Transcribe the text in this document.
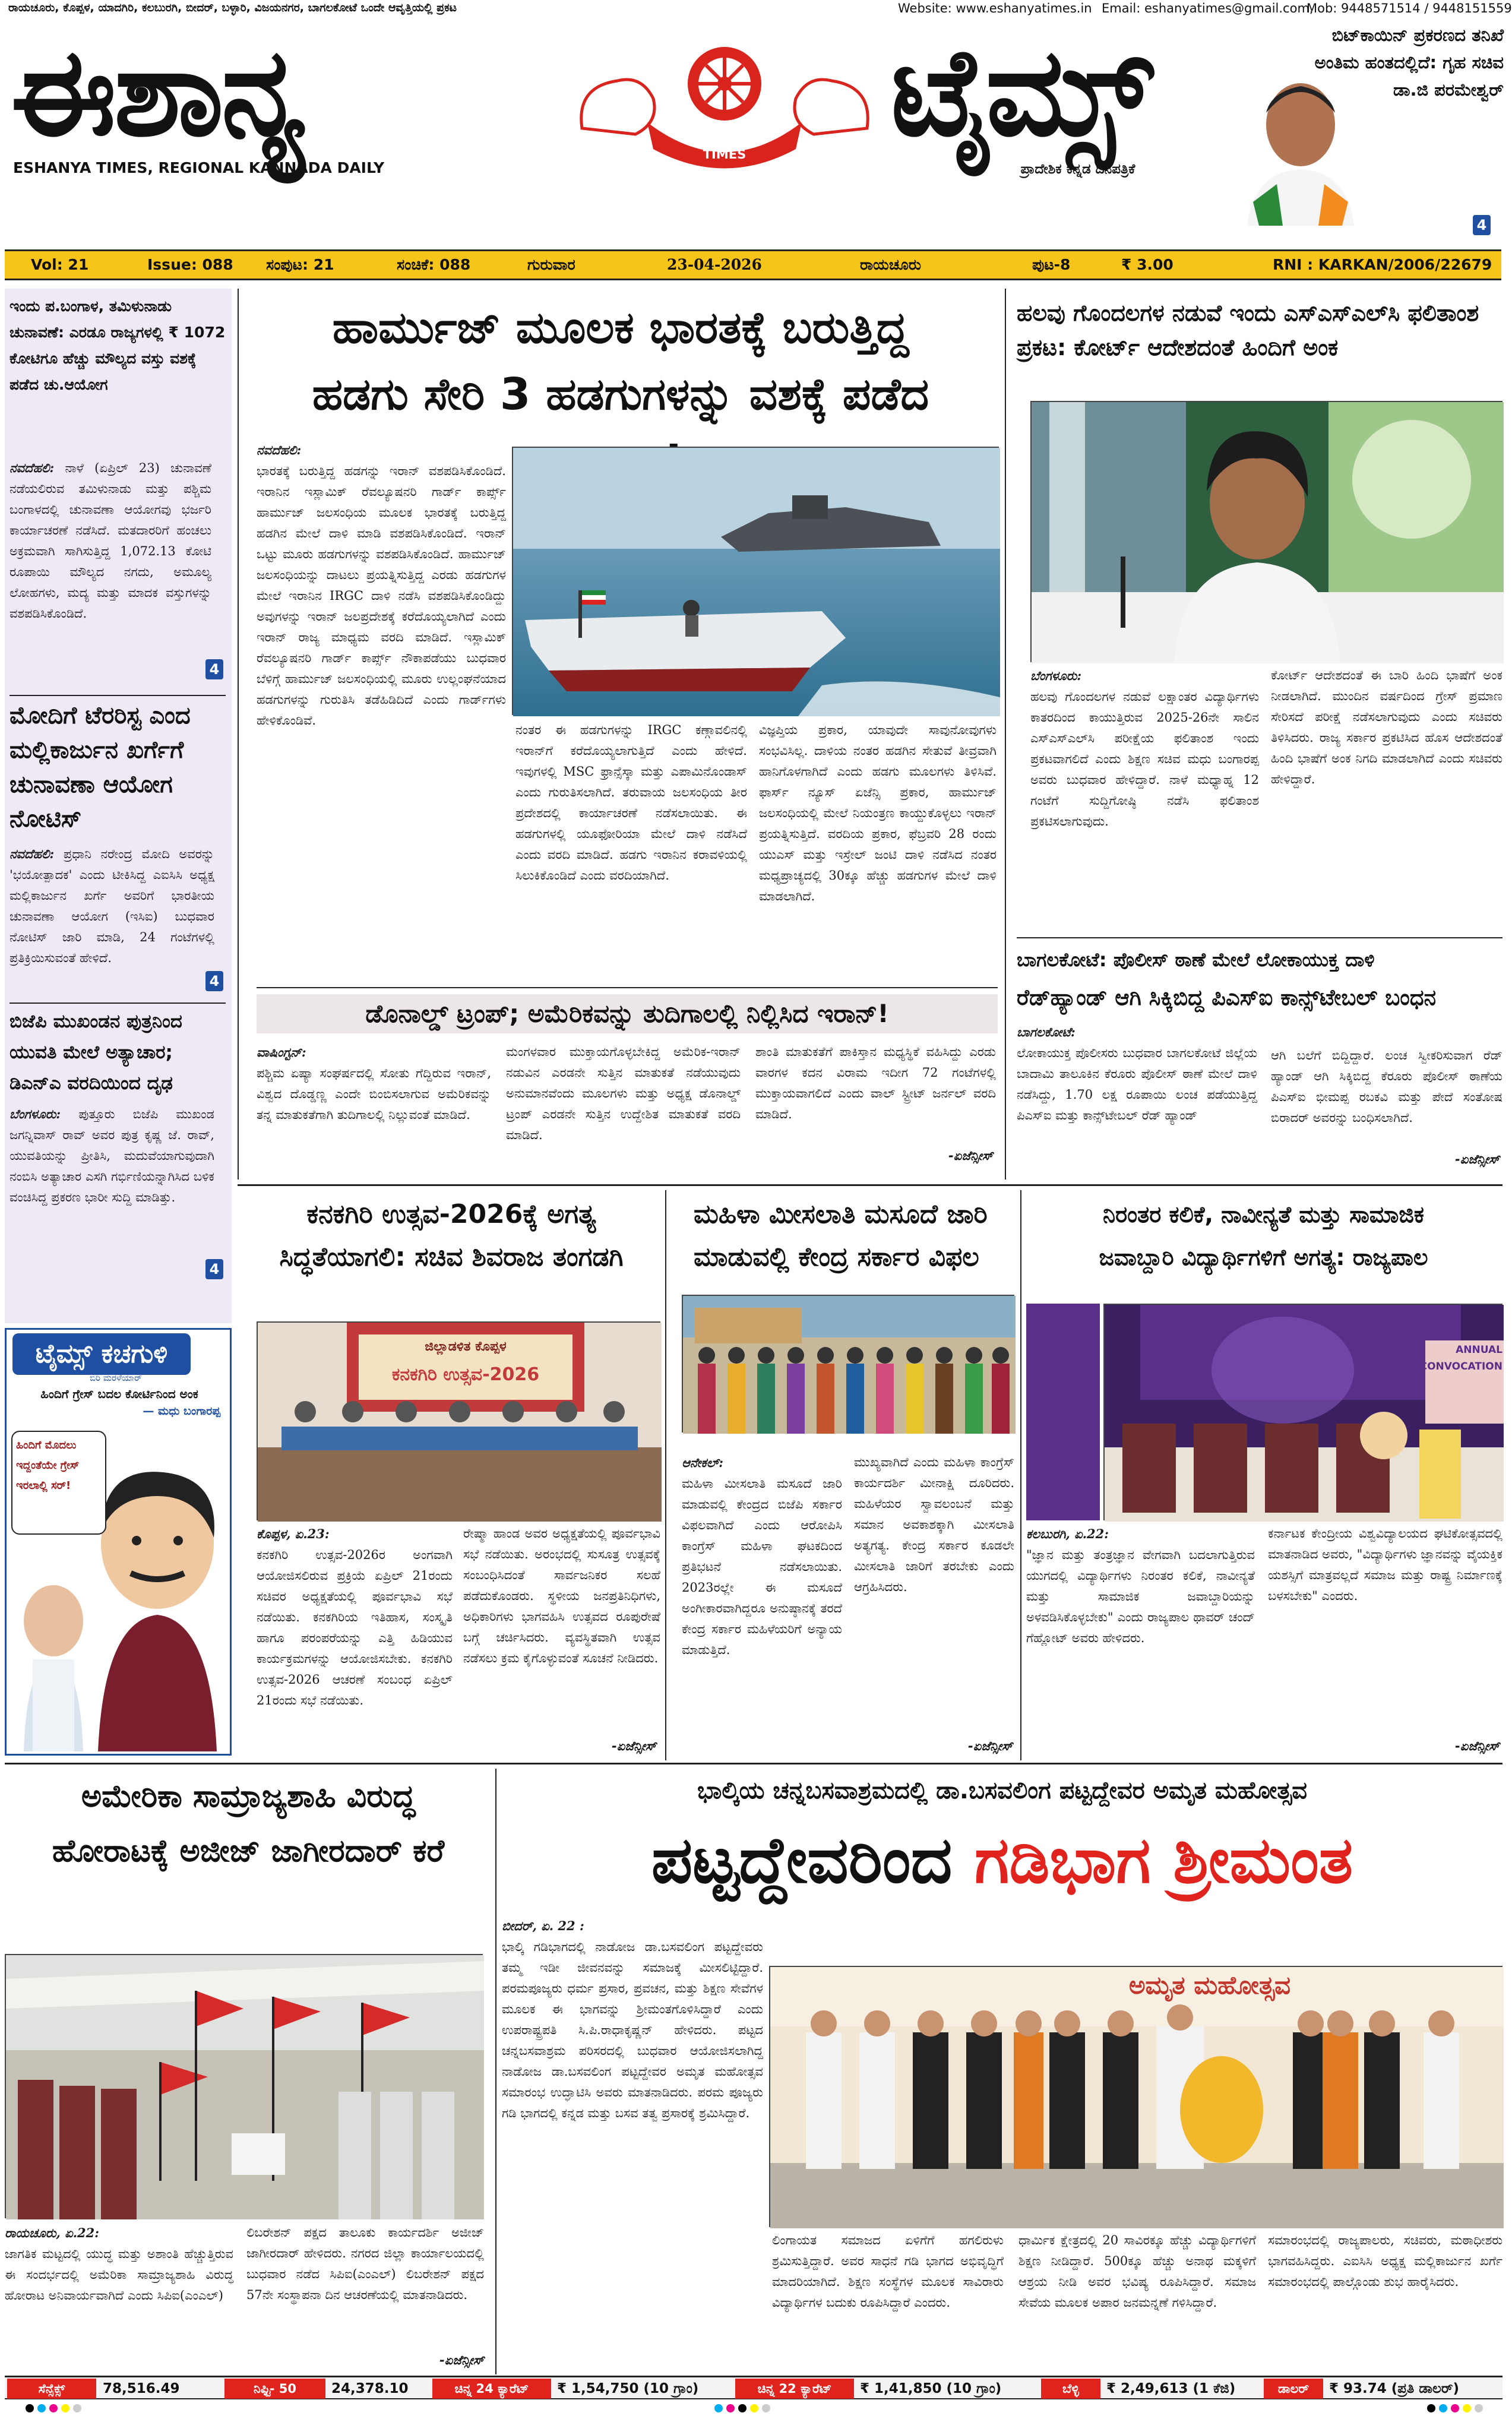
ರಾಯಚೂರು, ಕೊಪ್ಪಳ, ಯಾದಗಿರಿ, ಕಲಬುರಗಿ, ಬೀದರ್, ಬಳ್ಳಾರಿ, ವಿಜಯನಗರ, ಬಾಗಲಕೋಟೆ ಒಂದೇ ಆವೃತ್ತಿಯಲ್ಲಿ ಪ್ರಕಟ	Website: www.eshanyatimes.in Email: eshanyatimes@gmail.com,
Mob: 9448571514 / 9448151559
ಈಶಾನ್ಯ
ESHANYA TIMES, REGIONAL KANNADA DAILY
ESHANYA TIMES ಟೈಮ್ಸ್
ಪ್ರಾದೇಶಿಕ ಕನ್ನಡ ದಿನಪತ್ರಿಕೆ
ಬಿಟ್‌ಕಾಯಿನ್ ಪ್ರಕರಣದ ತನಿಖೆ ಅಂತಿಮ ಹಂತದಲ್ಲಿದೆ: ಗೃಹ ಸಚಿವ ಡಾ.ಜಿ ಪರಮೇಶ್ವರ್
4
Vol: 21	Issue: 088	ಸಂಪುಟ: 21	ಸಂಚಿಕೆ: 088	ಗುರುವಾರ	23-04-2026	ರಾಯಚೂರು	ಪುಟ-8	₹ 3.00	RNI : KARKAN/2006/22679
ಇಂದು ಪ.ಬಂಗಾಳ, ತಮಿಳುನಾಡು ಚುನಾವಣೆ: ಎರಡೂ ರಾಜ್ಯಗಳಲ್ಲಿ ₹ 1072 ಕೋಟಿಗೂ ಹೆಚ್ಚು ಮೌಲ್ಯದ ವಸ್ತು ವಶಕ್ಕೆ ಪಡೆದ ಚು.ಆಯೋಗ
ನವದೆಹಲಿ: ನಾಳೆ (ಏಪ್ರಿಲ್ 23) ಚುನಾವಣೆ ನಡೆಯಲಿರುವ ತಮಿಳುನಾಡು ಮತ್ತು ಪಶ್ಚಿಮ ಬಂಗಾಳದಲ್ಲಿ ಚುನಾವಣಾ ಆಯೋಗವು ಭರ್ಜರಿ ಕಾರ್ಯಾಚರಣೆ ನಡೆಸಿದೆ. ಮತದಾರರಿಗೆ ಹಂಚಲು ಅಕ್ರಮವಾಗಿ ಸಾಗಿಸುತ್ತಿದ್ದ 1,072.13 ಕೋಟಿ ರೂಪಾಯಿ ಮೌಲ್ಯದ ನಗದು, ಅಮೂಲ್ಯ ಲೋಹಗಳು, ಮದ್ಯ ಮತ್ತು ಮಾದಕ ವಸ್ತುಗಳನ್ನು ವಶಪಡಿಸಿಕೊಂಡಿದೆ.
4
ಮೋದಿಗೆ ಟೆರರಿಸ್ಟ ಎಂದ ಮಲ್ಲಿಕಾರ್ಜುನ ಖರ್ಗೆಗೆ ಚುನಾವಣಾ ಆಯೋಗ ನೋಟಿಸ್
ನವದೆಹಲಿ: ಪ್ರಧಾನಿ ನರೇಂದ್ರ ಮೋದಿ ಅವರನ್ನು 'ಭಯೋತ್ಪಾದಕ' ಎಂದು ಟೀಕಿಸಿದ್ದ ಎಐಸಿಸಿ ಅಧ್ಯಕ್ಷ ಮಲ್ಲಿಕಾರ್ಜುನ ಖರ್ಗೆ ಅವರಿಗೆ ಭಾರತೀಯ ಚುನಾವಣಾ ಆಯೋಗ (ಇಸಿಐ) ಬುಧವಾರ ನೋಟಿಸ್ ಜಾರಿ ಮಾಡಿ, 24 ಗಂಟೆಗಳಲ್ಲಿ ಪ್ರತಿಕ್ರಿಯಿಸುವಂತೆ ಹೇಳಿದೆ.
4
ಬಿಜೆಪಿ ಮುಖಂಡನ ಪುತ್ರನಿಂದ ಯುವತಿ ಮೇಲೆ ಅತ್ಯಾಚಾರ; ಡಿಎನ್‌ಎ ವರದಿಯಿಂದ ದೃಢ
ಬೆಂಗಳೂರು: ಪುತ್ತೂರು ಬಿಜೆಪಿ ಮುಖಂಡ ಜಗನ್ನಿವಾಸ್ ರಾವ್ ಅವರ ಪುತ್ರ ಕೃಷ್ಣ ಜೆ. ರಾವ್, ಯುವತಿಯನ್ನು ಪ್ರೀತಿಸಿ, ಮದುವೆಯಾಗುವುದಾಗಿ ನಂಬಿಸಿ ಅತ್ಯಾಚಾರ ಎಸಗಿ ಗರ್ಭಿಣಿಯನ್ನಾಗಿಸಿದ ಬಳಿಕ ವಂಚಿಸಿದ್ದ ಪ್ರಕರಣ ಭಾರೀ ಸುದ್ದಿ ಮಾಡಿತ್ತು.
4
ಟೈಮ್ಸ್ ಕಚಗುಳಿ
ಬಿರಿ ಮರಳೆಯಾರ್
ಹಿಂದಿಗೆ ಗ್ರೇಸ್ ಬದಲ ಕೋರ್ಟಿನಿಂದ ಅಂಕ
— ಮಧು ಬಂಗಾರಪ್ಪ
ಹಿಂದಿಗೆ ಮೊದಲು ಇದ್ದಂತೆಯೇ ಗ್ರೇಸ್ ಇರಲಾಲ್ಲಿ ಸರ್!
ಹಾರ್ಮುಜ್ ಮೂಲಕ ಭಾರತಕ್ಕೆ ಬರುತ್ತಿದ್ದ
ಹಡಗು ಸೇರಿ 3 ಹಡಗುಗಳನ್ನು ವಶಕ್ಕೆ ಪಡೆದ
ನವದೆಹಲಿ:
ಭಾರತಕ್ಕೆ ಬರುತ್ತಿದ್ದ ಹಡಗನ್ನು ಇರಾನ್ ವಶಪಡಿಸಿಕೊಂಡಿದೆ. ಇರಾನಿನ ಇಸ್ಲಾಮಿಕ್ ರೆವಲ್ಯೂಷನರಿ ಗಾರ್ಡ್ ಕಾರ್ಪ್ಸ್ ಹಾರ್ಮುಜ್ ಜಲಸಂಧಿಯ ಮೂಲಕ ಭಾರತಕ್ಕೆ ಬರುತ್ತಿದ್ದ ಹಡಗಿನ ಮೇಲೆ ದಾಳಿ ಮಾಡಿ ವಶಪಡಿಸಿಕೊಂಡಿದೆ. ಇರಾನ್ ಒಟ್ಟು ಮೂರು ಹಡಗುಗಳನ್ನು ವಶಪಡಿಸಿಕೊಂಡಿದೆ. ಹಾರ್ಮುಜ್ ಜಲಸಂಧಿಯನ್ನು ದಾಟಲು ಪ್ರಯತ್ನಿಸುತ್ತಿದ್ದ ಎರಡು ಹಡಗುಗಳ ಮೇಲೆ ಇರಾನಿನ IRGC ದಾಳಿ ನಡೆಸಿ ವಶಪಡಿಸಿಕೊಂಡಿದ್ದು ಅವುಗಳನ್ನು ಇರಾನ್ ಜಲಪ್ರದೇಶಕ್ಕೆ ಕರೆದೊಯ್ಯಲಾಗಿದೆ ಎಂದು ಇರಾನ್ ರಾಜ್ಯ ಮಾಧ್ಯಮ ವರದಿ ಮಾಡಿದೆ. ಇಸ್ಲಾಮಿಕ್ ರೆವಲ್ಯೂಷನರಿ ಗಾರ್ಡ್ ಕಾರ್ಪ್ಸ್ ನೌಕಾಪಡೆಯು ಬುಧವಾರ ಬೆಳಿಗ್ಗೆ ಹಾರ್ಮುಜ್ ಜಲಸಂಧಿಯಲ್ಲಿ ಮೂರು ಉಲ್ಲಂಘನೆಯಾದ ಹಡಗುಗಳನ್ನು ಗುರುತಿಸಿ ತಡೆಹಿಡಿದಿದೆ ಎಂದು ಗಾರ್ಡ್‌ಗಳು ಹೇಳಿಕೊಂಡಿವೆ.
ನಂತರ ಈ ಹಡಗುಗಳನ್ನು IRGC ಕಣ್ಗಾವಲಿನಲ್ಲಿ ಇರಾನ್‌ಗೆ ಕರೆದೊಯ್ಯಲಾಗುತ್ತಿದೆ ಎಂದು ಹೇಳಿದೆ. ಇವುಗಳಲ್ಲಿ MSC ಫ್ರಾನ್ಸೆಸ್ಕಾ ಮತ್ತು ಎಪಾಮಿನೊಂಡಾಸ್ ಎಂದು ಗುರುತಿಸಲಾಗಿದೆ. ತರುವಾಯ ಜಲಸಂಧಿಯ ತೀರ ಪ್ರದೇಶದಲ್ಲಿ ಕಾರ್ಯಾಚರಣೆ ನಡೆಸಲಾಯಿತು. ಈ ಹಡಗುಗಳಲ್ಲಿ ಯೂಫೋರಿಯಾ ಮೇಲೆ ದಾಳಿ ನಡೆಸಿದೆ ಎಂದು ವರದಿ ಮಾಡಿದೆ. ಹಡಗು ಇರಾನಿನ ಕರಾವಳಿಯಲ್ಲಿ ಸಿಲುಕಿಕೊಂಡಿದೆ ಎಂದು ವರದಿಯಾಗಿದೆ.
ವಿಜ್ಞಪ್ತಿಯ ಪ್ರಕಾರ, ಯಾವುದೇ ಸಾವುನೋವುಗಳು ಸಂಭವಿಸಿಲ್ಲ. ದಾಳಿಯ ನಂತರ ಹಡಗಿನ ಸೇತುವೆ ತೀವ್ರವಾಗಿ ಹಾನಿಗೊಳಗಾಗಿದೆ ಎಂದು ಹಡಗು ಮೂಲಗಳು ತಿಳಿಸಿವೆ. ಫಾರ್ಸ್ ನ್ಯೂಸ್ ಏಜೆನ್ಸಿ ಪ್ರಕಾರ, ಹಾರ್ಮುಜ್ ಜಲಸಂಧಿಯಲ್ಲಿ ಮೇಲೆ ನಿಯಂತ್ರಣ ಕಾಯ್ದುಕೊಳ್ಳಲು ಇರಾನ್ ಪ್ರಯತ್ನಿಸುತ್ತಿದೆ. ವರದಿಯ ಪ್ರಕಾರ, ಫೆಬ್ರವರಿ 28 ರಂದು ಯುಎಸ್ ಮತ್ತು ಇಸ್ರೇಲ್ ಜಂಟಿ ದಾಳಿ ನಡೆಸಿದ ನಂತರ ಮಧ್ಯಪ್ರಾಚ್ಯದಲ್ಲಿ 30ಕ್ಕೂ ಹೆಚ್ಚು ಹಡಗುಗಳ ಮೇಲೆ ದಾಳಿ ಮಾಡಲಾಗಿದೆ.
ಡೊನಾಲ್ಡ್ ಟ್ರಂಪ್; ಅಮೆರಿಕವನ್ನು ತುದಿಗಾಲಲ್ಲಿ ನಿಲ್ಲಿಸಿದ ಇರಾನ್!
ವಾಷಿಂಗ್ಟನ್:
ಪಶ್ಚಿಮ ಏಷ್ಯಾ ಸಂಘರ್ಷದಲ್ಲಿ ಸೋತು ಗೆದ್ದಿರುವ ಇರಾನ್, ವಿಶ್ವದ ದೊಡ್ಡಣ್ಣ ಎಂದೇ ಬಿಂಬಿಸಲಾಗುವ ಅಮೆರಿಕವನ್ನು ತನ್ನ ಮಾತುಕತೆಗಾಗಿ ತುದಿಗಾಲಲ್ಲಿ ನಿಲ್ಲುವಂತೆ ಮಾಡಿದೆ.
ಮಂಗಳವಾರ ಮುಕ್ತಾಯಗೊಳ್ಳಬೇಕಿದ್ದ ಅಮೆರಿಕ-ಇರಾನ್ ನಡುವಿನ ಎರಡನೇ ಸುತ್ತಿನ ಮಾತುಕತೆ ನಡೆಯುವುದು ಅನುಮಾನವೆಂದು ಮೂಲಗಳು ಮತ್ತು ಅಧ್ಯಕ್ಷ ಡೊನಾಲ್ಡ್ ಟ್ರಂಪ್ ಎರಡನೇ ಸುತ್ತಿನ ಉದ್ದೇಶಿತ ಮಾತುಕತೆ ವರದಿ ಮಾಡಿದೆ.
ಶಾಂತಿ ಮಾತುಕತೆಗೆ ಪಾಕಿಸ್ತಾನ ಮಧ್ಯಸ್ಥಿಕೆ ವಹಿಸಿದ್ದು ಎರಡು ವಾರಗಳ ಕದನ ವಿರಾಮ ಇದೀಗ 72 ಗಂಟೆಗಳಲ್ಲಿ ಮುಕ್ತಾಯವಾಗಲಿದೆ ಎಂದು ವಾಲ್ ಸ್ಟ್ರೀಟ್ ಜರ್ನಲ್ ವರದಿ ಮಾಡಿದೆ.
-ಏಜೆನ್ಸೀಸ್
ಹಲವು ಗೊಂದಲಗಳ ನಡುವೆ ಇಂದು ಎಸ್‌ಎಸ್‌ಎಲ್‌ಸಿ ಫಲಿತಾಂಶ ಪ್ರಕಟ: ಕೋರ್ಟ್ ಆದೇಶದಂತೆ ಹಿಂದಿಗೆ ಅಂಕ
ಬೆಂಗಳೂರು:
ಹಲವು ಗೊಂದಲಗಳ ನಡುವೆ ಲಕ್ಷಾಂತರ ವಿದ್ಯಾರ್ಥಿಗಳು ಕಾತರದಿಂದ ಕಾಯುತ್ತಿರುವ 2025-26ನೇ ಸಾಲಿನ ಎಸ್‌ಎಸ್‌ಎಲ್‌ಸಿ ಪರೀಕ್ಷೆಯ ಫಲಿತಾಂಶ ಇಂದು ಪ್ರಕಟವಾಗಲಿದೆ ಎಂದು ಶಿಕ್ಷಣ ಸಚಿವ ಮಧು ಬಂಗಾರಪ್ಪ ಅವರು ಬುಧವಾರ ಹೇಳಿದ್ದಾರೆ. ನಾಳೆ ಮಧ್ಯಾಹ್ನ 12 ಗಂಟೆಗೆ ಸುದ್ದಿಗೋಷ್ಠಿ ನಡೆಸಿ ಫಲಿತಾಂಶ ಪ್ರಕಟಿಸಲಾಗುವುದು.
ಕೋರ್ಟ್ ಆದೇಶದಂತೆ ಈ ಬಾರಿ ಹಿಂದಿ ಭಾಷೆಗೆ ಅಂಕ ನೀಡಲಾಗಿದೆ. ಮುಂದಿನ ವರ್ಷದಿಂದ ಗ್ರೇಸ್ ಪ್ರಮಾಣ ಸೇರಿಸದೆ ಪರೀಕ್ಷೆ ನಡೆಸಲಾಗುವುದು ಎಂದು ಸಚಿವರು ತಿಳಿಸಿದರು. ರಾಜ್ಯ ಸರ್ಕಾರ ಪ್ರಕಟಿಸಿದ ಹೊಸ ಆದೇಶದಂತೆ ಹಿಂದಿ ಭಾಷೆಗೆ ಅಂಕ ನಿಗದಿ ಮಾಡಲಾಗಿದೆ ಎಂದು ಸಚಿವರು ಹೇಳಿದ್ದಾರೆ.
ಬಾಗಲಕೋಟೆ: ಪೊಲೀಸ್ ಠಾಣೆ ಮೇಲೆ ಲೋಕಾಯುಕ್ತ ದಾಳಿ
ರೆಡ್‌ಹ್ಯಾಂಡ್ ಆಗಿ ಸಿಕ್ಕಿಬಿದ್ದ ಪಿಎಸ್‌ಐ ಕಾನ್ಸ್‌ಟೇಬಲ್ ಬಂಧನ
ಬಾಗಲಕೋಟೆ:
ಲೋಕಾಯುಕ್ತ ಪೊಲೀಸರು ಬುಧವಾರ ಬಾಗಲಕೋಟೆ ಜಿಲ್ಲೆಯ ಬಾದಾಮಿ ತಾಲೂಕಿನ ಕೆರೂರು ಪೊಲೀಸ್ ಠಾಣೆ ಮೇಲೆ ದಾಳಿ ನಡೆಸಿದ್ದು, 1.70 ಲಕ್ಷ ರೂಪಾಯಿ ಲಂಚ ಪಡೆಯುತ್ತಿದ್ದ ಪಿಎಸ್‌ಐ ಮತ್ತು ಕಾನ್ಸ್‌ಟೇಬಲ್ ರೆಡ್ ಹ್ಯಾಂಡ್
ಆಗಿ ಬಲೆಗೆ ಬಿದ್ದಿದ್ದಾರೆ. ಲಂಚ ಸ್ವೀಕರಿಸುವಾಗ ರೆಡ್ ಹ್ಯಾಂಡ್ ಆಗಿ ಸಿಕ್ಕಿಬಿದ್ದ ಕೆರೂರು ಪೊಲೀಸ್ ಠಾಣೆಯ ಪಿಎಸ್‌ಐ ಭೀಮಪ್ಪ ರಬಕವಿ ಮತ್ತು ಪೇದೆ ಸಂತೋಷ ಬಿರಾದರ್ ಅವರನ್ನು ಬಂಧಿಸಲಾಗಿದೆ.
-ಏಜೆನ್ಸೀಸ್
ಕನಕಗಿರಿ ಉತ್ಸವ-2026ಕ್ಕೆ ಅಗತ್ಯ
ಸಿದ್ಧತೆಯಾಗಲಿ: ಸಚಿವ ಶಿವರಾಜ ತಂಗಡಗಿ
ಜಿಲ್ಲಾಡಳಿತ ಕೊಪ್ಪಳ
ಕನಕಗಿರಿ ಉತ್ಸವ-2026
ಕೊಪ್ಪಳ, ಏ.23:
ಕನಕಗಿರಿ ಉತ್ಸವ-2026ರ ಅಂಗವಾಗಿ ಆಯೋಜಿಸಲಿರುವ ಪ್ರಕ್ರಿಯೆ ಏಪ್ರಿಲ್ 21ರಂದು ಸಚಿವರ ಅಧ್ಯಕ್ಷತೆಯಲ್ಲಿ ಪೂರ್ವಭಾವಿ ಸಭೆ ನಡೆಯಿತು. ಕನಕಗಿರಿಯ ಇತಿಹಾಸ, ಸಂಸ್ಕೃತಿ ಹಾಗೂ ಪರಂಪರೆಯನ್ನು ಎತ್ತಿ ಹಿಡಿಯುವ ಕಾರ್ಯಕ್ರಮಗಳನ್ನು ಆಯೋಜಿಸಬೇಕು. ಕನಕಗಿರಿ ಉತ್ಸವ-2026 ಆಚರಣೆ ಸಂಬಂಧ ಏಪ್ರಿಲ್ 21ರಂದು ಸಭೆ ನಡೆಯಿತು.
ರೇಷ್ಮಾ ಹಾಂಡ ಅವರ ಅಧ್ಯಕ್ಷತೆಯಲ್ಲಿ ಪೂರ್ವಭಾವಿ ಸಭೆ ನಡೆಯಿತು. ಅರಂಭದಲ್ಲಿ ಸುಸೂತ್ರ ಉತ್ಸವಕ್ಕೆ ಸಂಬಂಧಿಸಿದಂತೆ ಸಾರ್ವಜನಿಕರ ಸಲಹೆ ಪಡೆದುಕೊಂಡರು. ಸ್ಥಳೀಯ ಜನಪ್ರತಿನಿಧಿಗಳು, ಅಧಿಕಾರಿಗಳು ಭಾಗವಹಿಸಿ ಉತ್ಸವದ ರೂಪುರೇಷೆ ಬಗ್ಗೆ ಚರ್ಚಿಸಿದರು. ವ್ಯವಸ್ಥಿತವಾಗಿ ಉತ್ಸವ ನಡೆಸಲು ಕ್ರಮ ಕೈಗೊಳ್ಳುವಂತೆ ಸೂಚನೆ ನೀಡಿದರು.
-ಏಜೆನ್ಸೀಸ್
ಮಹಿಳಾ ಮೀಸಲಾತಿ ಮಸೂದೆ ಜಾರಿ
ಮಾಡುವಲ್ಲಿ ಕೇಂದ್ರ ಸರ್ಕಾರ ವಿಫಲ
ಆನೇಕಲ್:
ಮಹಿಳಾ ಮೀಸಲಾತಿ ಮಸೂದೆ ಜಾರಿ ಮಾಡುವಲ್ಲಿ ಕೇಂದ್ರದ ಬಿಜೆಪಿ ಸರ್ಕಾರ ವಿಫಲವಾಗಿದೆ ಎಂದು ಆರೋಪಿಸಿ ಕಾಂಗ್ರೆಸ್ ಮಹಿಳಾ ಘಟಕದಿಂದ ಪ್ರತಿಭಟನೆ ನಡೆಸಲಾಯಿತು. 2023ರಲ್ಲೇ ಈ ಮಸೂದೆ ಅಂಗೀಕಾರವಾಗಿದ್ದರೂ ಅನುಷ್ಠಾನಕ್ಕೆ ತರದೆ ಕೇಂದ್ರ ಸರ್ಕಾರ ಮಹಿಳೆಯರಿಗೆ ಅನ್ಯಾಯ ಮಾಡುತ್ತಿದೆ.
ಮುಖ್ಯವಾಗಿದೆ ಎಂದು ಮಹಿಳಾ ಕಾಂಗ್ರೆಸ್ ಕಾರ್ಯದರ್ಶಿ ಮೀನಾಕ್ಷಿ ದೂರಿದರು. ಮಹಿಳೆಯರ ಸ್ವಾವಲಂಬನೆ ಮತ್ತು ಸಮಾನ ಅವಕಾಶಕ್ಕಾಗಿ ಮೀಸಲಾತಿ ಅತ್ಯಗತ್ಯ. ಕೇಂದ್ರ ಸರ್ಕಾರ ಕೂಡಲೇ ಮೀಸಲಾತಿ ಜಾರಿಗೆ ತರಬೇಕು ಎಂದು ಆಗ್ರಹಿಸಿದರು.
-ಏಜೆನ್ಸೀಸ್
ನಿರಂತರ ಕಲಿಕೆ, ನಾವೀನ್ಯತೆ ಮತ್ತು ಸಾಮಾಜಿಕ
ಜವಾಬ್ದಾರಿ ವಿದ್ಯಾರ್ಥಿಗಳಿಗೆ ಅಗತ್ಯ: ರಾಜ್ಯಪಾಲ
ANNUAL CONVOCATION
ಕಲಬುರಗಿ, ಏ.22:
"ಜ್ಞಾನ ಮತ್ತು ತಂತ್ರಜ್ಞಾನ ವೇಗವಾಗಿ ಬದಲಾಗುತ್ತಿರುವ ಯುಗದಲ್ಲಿ ವಿದ್ಯಾರ್ಥಿಗಳು ನಿರಂತರ ಕಲಿಕೆ, ನಾವೀನ್ಯತೆ ಮತ್ತು ಸಾಮಾಜಿಕ ಜವಾಬ್ದಾರಿಯನ್ನು ಅಳವಡಿಸಿಕೊಳ್ಳಬೇಕು" ಎಂದು ರಾಜ್ಯಪಾಲ ಥಾವರ್ ಚಂದ್ ಗೆಹ್ಲೋಟ್ ಅವರು ಹೇಳಿದರು.
ಕರ್ನಾಟಕ ಕೇಂದ್ರೀಯ ವಿಶ್ವವಿದ್ಯಾಲಯದ ಘಟಿಕೋತ್ಸವದಲ್ಲಿ ಮಾತನಾಡಿದ ಅವರು, "ವಿದ್ಯಾರ್ಥಿಗಳು ಜ್ಞಾನವನ್ನು ವೈಯಕ್ತಿಕ ಯಶಸ್ಸಿಗೆ ಮಾತ್ರವಲ್ಲದೆ ಸಮಾಜ ಮತ್ತು ರಾಷ್ಟ್ರ ನಿರ್ಮಾಣಕ್ಕೆ ಬಳಸಬೇಕು" ಎಂದರು.
-ಏಜೆನ್ಸೀಸ್
ಅಮೇರಿಕಾ ಸಾಮ್ರಾಜ್ಯಶಾಹಿ ವಿರುದ್ಧ
ಹೋರಾಟಕ್ಕೆ ಅಜೀಜ್ ಜಾಗೀರದಾರ್ ಕರೆ
ರಾಯಚೂರು, ಏ.22:
ಜಾಗತಿಕ ಮಟ್ಟದಲ್ಲಿ ಯುದ್ಧ ಮತ್ತು ಅಶಾಂತಿ ಹೆಚ್ಚುತ್ತಿರುವ ಈ ಸಂದರ್ಭದಲ್ಲಿ ಅಮೆರಿಕಾ ಸಾಮ್ರಾಜ್ಯಶಾಹಿ ವಿರುದ್ಧ ಹೋರಾಟ ಅನಿವಾರ್ಯವಾಗಿದೆ ಎಂದು ಸಿಪಿಐ(ಎಂಎಲ್)
ಲಿಬರೇಶನ್ ಪಕ್ಷದ ತಾಲೂಕು ಕಾರ್ಯದರ್ಶಿ ಅಜೀಜ್ ಜಾಗೀರದಾರ್ ಹೇಳಿದರು. ನಗರದ ಜಿಲ್ಲಾ ಕಾರ್ಯಾಲಯದಲ್ಲಿ ಬುಧವಾರ ನಡೆದ ಸಿಪಿಐ(ಎಂಎಲ್) ಲಿಬರೇಶನ್ ಪಕ್ಷದ 57ನೇ ಸಂಸ್ಥಾಪನಾ ದಿನ ಆಚರಣೆಯಲ್ಲಿ ಮಾತನಾಡಿದರು.
-ಏಜೆನ್ಸೀಸ್
ಭಾಲ್ಕಿಯ ಚನ್ನಬಸವಾಶ್ರಮದಲ್ಲಿ ಡಾ.ಬಸವಲಿಂಗ ಪಟ್ಟದ್ದೇವರ ಅಮೃತ ಮಹೋತ್ಸವ
ಪಟ್ಟದ್ದೇವರಿಂದ ಗಡಿಭಾಗ ಶ್ರೀಮಂತ
ಬೀದರ್, ಏ. 22 :
ಭಾಲ್ಕಿ ಗಡಿಭಾಗದಲ್ಲಿ ನಾಡೋಜ ಡಾ.ಬಸವಲಿಂಗ ಪಟ್ಟದ್ದೇವರು ತಮ್ಮ ಇಡೀ ಜೀವನವನ್ನು ಸಮಾಜಕ್ಕೆ ಮೀಸಲಿಟ್ಟಿದ್ದಾರೆ. ಪರಮಪೂಜ್ಯರು ಧರ್ಮ ಪ್ರಸಾರ, ಪ್ರವಚನ, ಮತ್ತು ಶಿಕ್ಷಣ ಸೇವೆಗಳ ಮೂಲಕ ಈ ಭಾಗವನ್ನು ಶ್ರೀಮಂತಗೊಳಿಸಿದ್ದಾರೆ ಎಂದು ಉಪರಾಷ್ಟ್ರಪತಿ ಸಿ.ಪಿ.ರಾಧಾಕೃಷ್ಣನ್ ಹೇಳಿದರು. ಪಟ್ಟದ ಚನ್ನಬಸವಾಶ್ರಮ ಪರಿಸರದಲ್ಲಿ ಬುಧವಾರ ಆಯೋಜಿಸಲಾಗಿದ್ದ ನಾಡೋಜ ಡಾ.ಬಸವಲಿಂಗ ಪಟ್ಟದ್ದೇವರ ಅಮೃತ ಮಹೋತ್ಸವ ಸಮಾರಂಭ ಉದ್ಘಾಟಿಸಿ ಅವರು ಮಾತನಾಡಿದರು. ಪರಮ ಪೂಜ್ಯರು ಗಡಿ ಭಾಗದಲ್ಲಿ ಕನ್ನಡ ಮತ್ತು ಬಸವ ತತ್ವ ಪ್ರಸಾರಕ್ಕೆ ಶ್ರಮಿಸಿದ್ದಾರೆ.
ಅಮೃತ ಮಹೋತ್ಸವ
ಲಿಂಗಾಯತ ಸಮಾಜದ ಏಳಿಗೆಗೆ ಹಗಲಿರುಳು ಶ್ರಮಿಸುತ್ತಿದ್ದಾರೆ. ಅವರ ಸಾಧನೆ ಗಡಿ ಭಾಗದ ಅಭಿವೃದ್ಧಿಗೆ ಮಾದರಿಯಾಗಿದೆ. ಶಿಕ್ಷಣ ಸಂಸ್ಥೆಗಳ ಮೂಲಕ ಸಾವಿರಾರು ವಿದ್ಯಾರ್ಥಿಗಳ ಬದುಕು ರೂಪಿಸಿದ್ದಾರೆ ಎಂದರು.
ಧಾರ್ಮಿಕ ಕ್ಷೇತ್ರದಲ್ಲಿ 20 ಸಾವಿರಕ್ಕೂ ಹೆಚ್ಚು ವಿದ್ಯಾರ್ಥಿಗಳಿಗೆ ಶಿಕ್ಷಣ ನೀಡಿದ್ದಾರೆ. 500ಕ್ಕೂ ಹೆಚ್ಚು ಅನಾಥ ಮಕ್ಕಳಿಗೆ ಆಶ್ರಯ ನೀಡಿ ಅವರ ಭವಿಷ್ಯ ರೂಪಿಸಿದ್ದಾರೆ. ಸಮಾಜ ಸೇವೆಯ ಮೂಲಕ ಅಪಾರ ಜನಮನ್ನಣೆ ಗಳಿಸಿದ್ದಾರೆ.
ಸಮಾರಂಭದಲ್ಲಿ ರಾಜ್ಯಪಾಲರು, ಸಚಿವರು, ಮಠಾಧೀಶರು ಭಾಗವಹಿಸಿದ್ದರು. ಎಐಸಿಸಿ ಅಧ್ಯಕ್ಷ ಮಲ್ಲಿಕಾರ್ಜುನ ಖರ್ಗೆ ಸಮಾರಂಭದಲ್ಲಿ ಪಾಲ್ಗೊಂಡು ಶುಭ ಹಾರೈಸಿದರು.
ಸೆನ್ಸೆಕ್ಸ್	78,516.49	ನಿಫ್ಟಿ- 50	24,378.10	ಚಿನ್ನ 24 ಕ್ಯಾರೆಟ್	₹ 1,54,750 (10 ಗ್ರಾಂ)	ಚಿನ್ನ 22 ಕ್ಯಾರೆಟ್	₹ 1,41,850 (10 ಗ್ರಾಂ)	ಬೆಳ್ಳಿ	₹ 2,49,613 (1 ಕೆಜಿ)	ಡಾಲರ್	₹ 93.74 (ಪ್ರತಿ ಡಾಲರ್)
